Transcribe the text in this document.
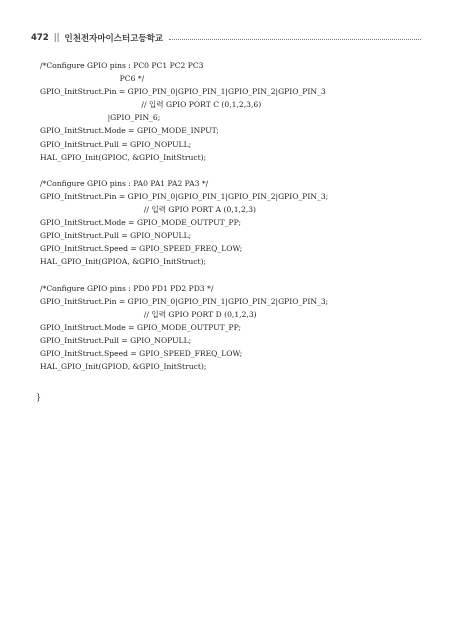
472 || 인천전자마이스터고등학교
/*Configure GPIO pins : PC0 PC1 PC2 PC3
PC6 */
GPIO_InitStruct.Pin = GPIO_PIN_0|GPIO_PIN_1|GPIO_PIN_2|GPIO_PIN_3
// 입력 GPIO PORT C (0,1,2,3,6)
|GPIO_PIN_6;
GPIO_InitStruct.Mode = GPIO_MODE_INPUT;
GPIO_InitStruct.Pull = GPIO_NOPULL;
HAL_GPIO_Init(GPIOC, &GPIO_InitStruct);
/*Configure GPIO pins : PA0 PA1 PA2 PA3 */
GPIO_InitStruct.Pin = GPIO_PIN_0|GPIO_PIN_1|GPIO_PIN_2|GPIO_PIN_3;
// 입력 GPIO PORT A (0,1,2,3)
GPIO_InitStruct.Mode = GPIO_MODE_OUTPUT_PP;
GPIO_InitStruct.Pull = GPIO_NOPULL;
GPIO_InitStruct.Speed = GPIO_SPEED_FREQ_LOW;
HAL_GPIO_Init(GPIOA, &GPIO_InitStruct);
/*Configure GPIO pins : PD0 PD1 PD2 PD3 */
GPIO_InitStruct.Pin = GPIO_PIN_0|GPIO_PIN_1|GPIO_PIN_2|GPIO_PIN_3;
// 입력 GPIO PORT D (0,1,2,3)
GPIO_InitStruct.Mode = GPIO_MODE_OUTPUT_PP;
GPIO_InitStruct.Pull = GPIO_NOPULL;
GPIO_InitStruct.Speed = GPIO_SPEED_FREQ_LOW;
HAL_GPIO_Init(GPIOD, &GPIO_InitStruct);
}
